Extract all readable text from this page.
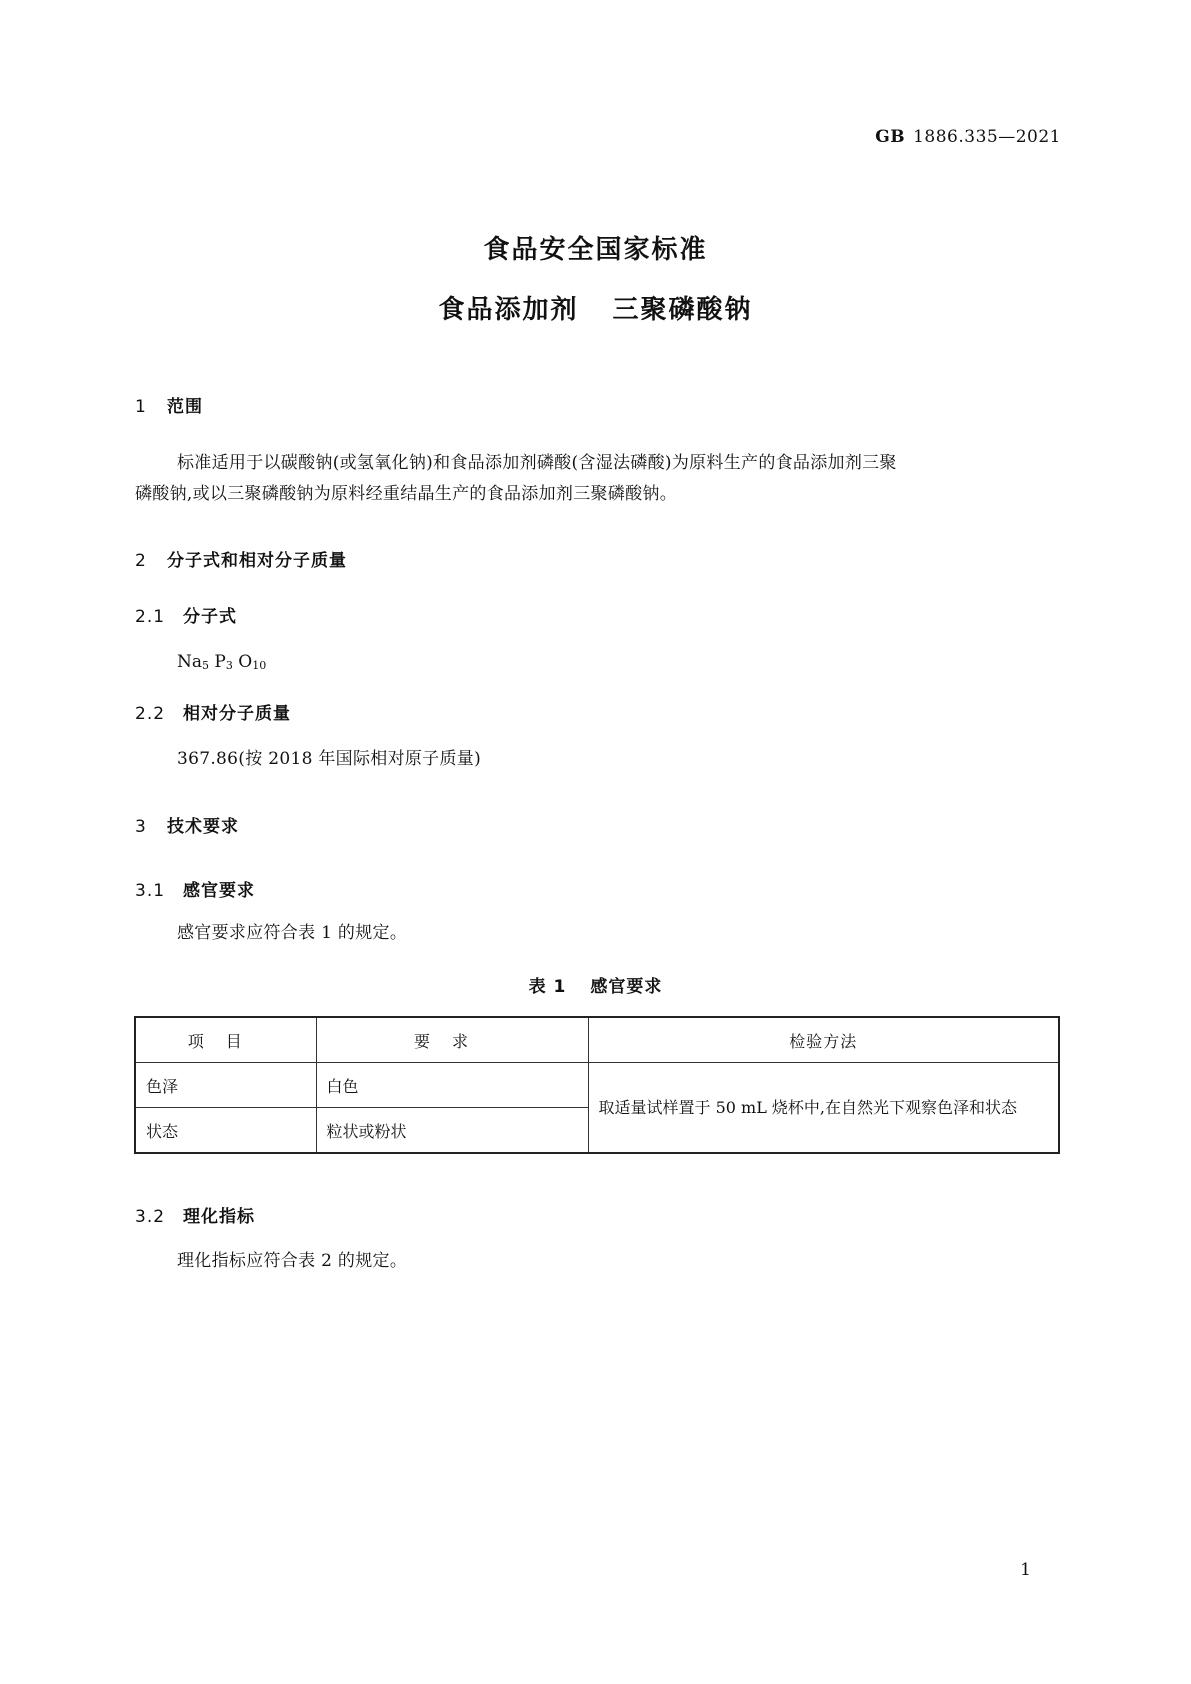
GB 1886.335—2021
食品安全国家标准
食品添加剂 三聚磷酸钠
1 范围
标准适用于以碳酸钠(或氢氧化钠)和食品添加剂磷酸(含湿法磷酸)为原料生产的食品添加剂三聚
磷酸钠,或以三聚磷酸钠为原料经重结晶生产的食品添加剂三聚磷酸钠。
2 分子式和相对分子质量
2.1 分子式
$Na_5$ $P_3$ $O_{10}$
2.2 相对分子质量
367.86(按 2018 年国际相对原子质量)
3 技术要求
3.1 感官要求
感官要求应符合表 1 的规定。
表 1 感官要求
项目	要求	检验方法
色泽	白色	取适量试样置于 50 mL 烧杯中,在自然光下观察色泽和状态
状态	粒状或粉状	
3.2 理化指标
理化指标应符合表 2 的规定。
1
